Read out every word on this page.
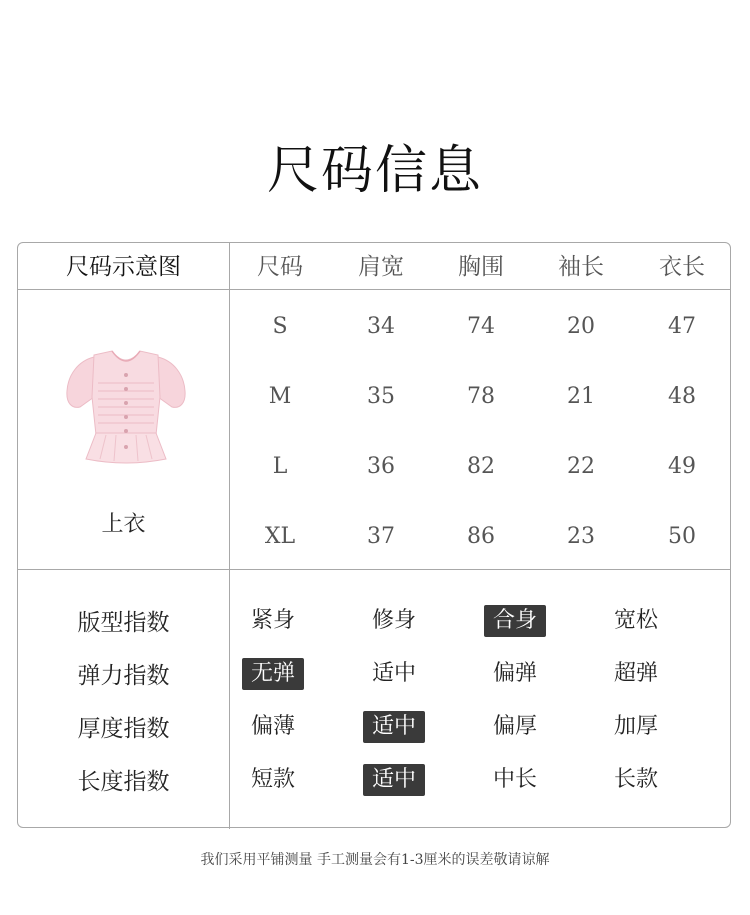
尺码信息
尺码示意图	尺码	肩宽	胸围	袖长	衣长
上衣
S	34	74	20	47
M	35	78	21	48
L	36	82	22	49
XL	37	86	23	50
版型指数	紧身	修身	合身	宽松
弹力指数	无弹	适中	偏弹	超弹
厚度指数	偏薄	适中	偏厚	加厚
长度指数	短款	适中	中长	长款
我们采用平铺测量 手工测量会有1-3厘米的误差敬请谅解
